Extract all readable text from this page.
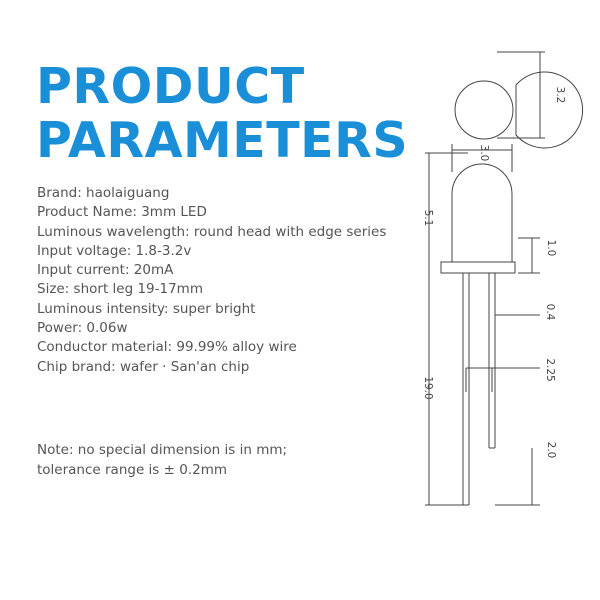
PRODUCT
PARAMETERS
Brand: haolaiguang
Product Name: 3mm LED
Luminous wavelength: round head with edge series
Input voltage: 1.8-3.2v
Input current: 20mA
Size: short leg 19-17mm
Luminous intensity: super bright
Power: 0.06w
Conductor material: 99.99% alloy wire
Chip brand: wafer · San'an chip

Note: no special dimension is in mm;
tolerance range is ± 0.2mm

3.2
3.0
5.1
1.0
0.4
2.25
19.0
2.0
